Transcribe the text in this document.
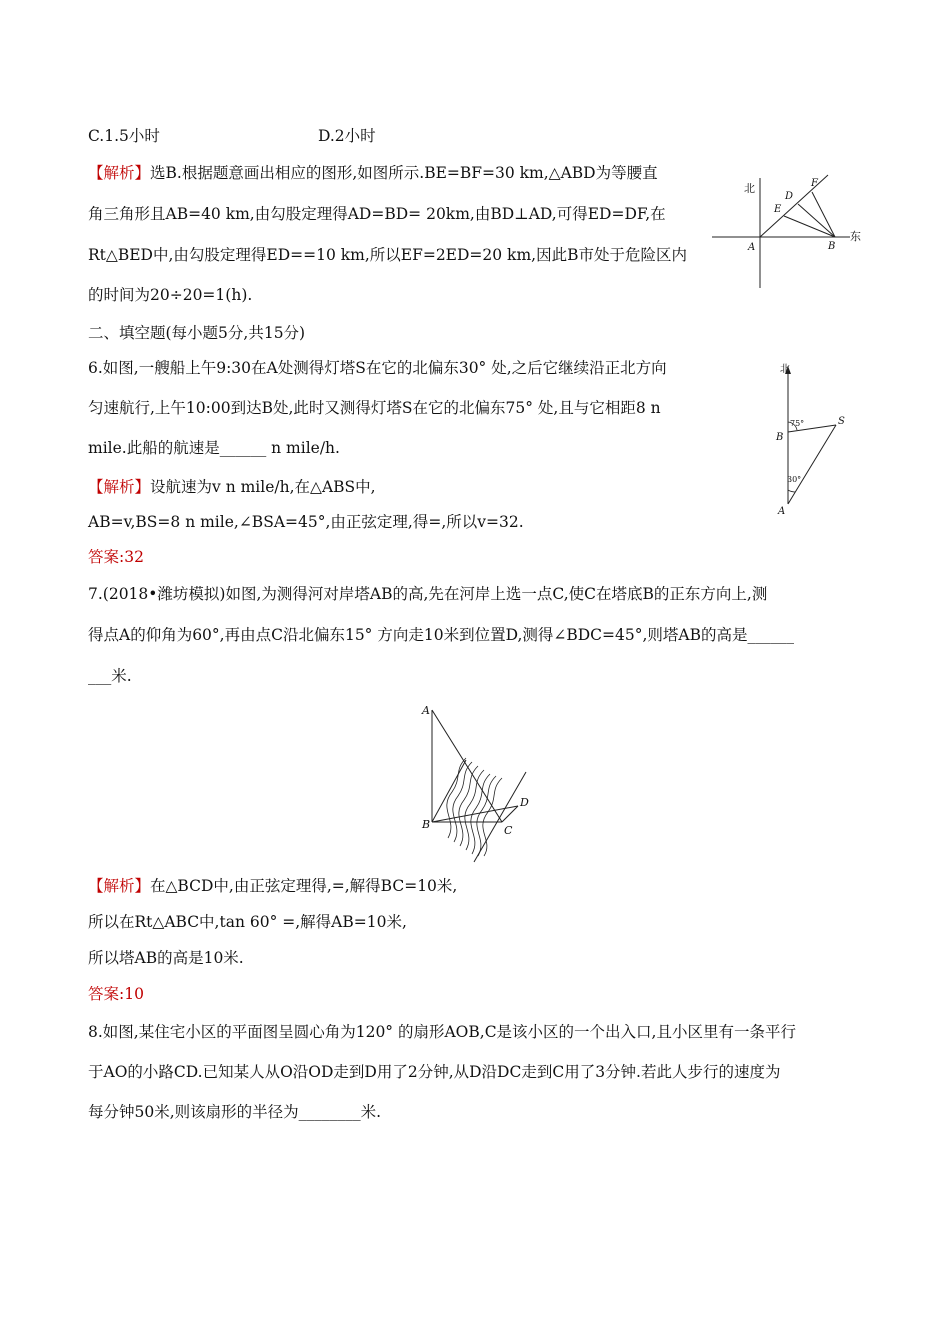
C.1.5小时	D.2小时
【解析】选B.根据题意画出相应的图形,如图所示.BE=BF=30 km,△ABD为等腰直
角三角形且AB=40 km,由勾股定理得AD=BD= 20km,由BD⊥AD,可得ED=DF,在
Rt△BED中,由勾股定理得ED==10 km,所以EF=2ED=20 km,因此B市处于危险区内
的时间为20÷20=1(h).
北
东
A	B
D
E
F
二、填空题(每小题5分,共15分)
6.如图,一艘船上午9:30在A处测得灯塔S在它的北偏东30° 处,之后它继续沿正北方向
匀速航行,上午10:00到达B处,此时又测得灯塔S在它的北偏东75° 处,且与它相距8 n
mile.此船的航速是______ n mile/h.
【解析】设航速为v n mile/h,在△ABS中,
AB=v,BS=8 n mile,∠BSA=45°,由正弦定理,得=,所以v=32.
答案:32
北
75°
30°
B
S
A
7.(2018•潍坊模拟)如图,为测得河对岸塔AB的高,先在河岸上选一点C,使C在塔底B的正东方向上,测
得点A的仰角为60°,再由点C沿北偏东15° 方向走10米到位置D,测得∠BDC=45°,则塔AB的高是______
___米.
A
B	C
D
【解析】在△BCD中,由正弦定理得,=,解得BC=10米,
所以在Rt△ABC中,tan 60° =,解得AB=10米,
所以塔AB的高是10米.
答案:10
8.如图,某住宅小区的平面图呈圆心角为120° 的扇形AOB,C是该小区的一个出入口,且小区里有一条平行
于AO的小路CD.已知某人从O沿OD走到D用了2分钟,从D沿DC走到C用了3分钟.若此人步行的速度为
每分钟50米,则该扇形的半径为________米.
